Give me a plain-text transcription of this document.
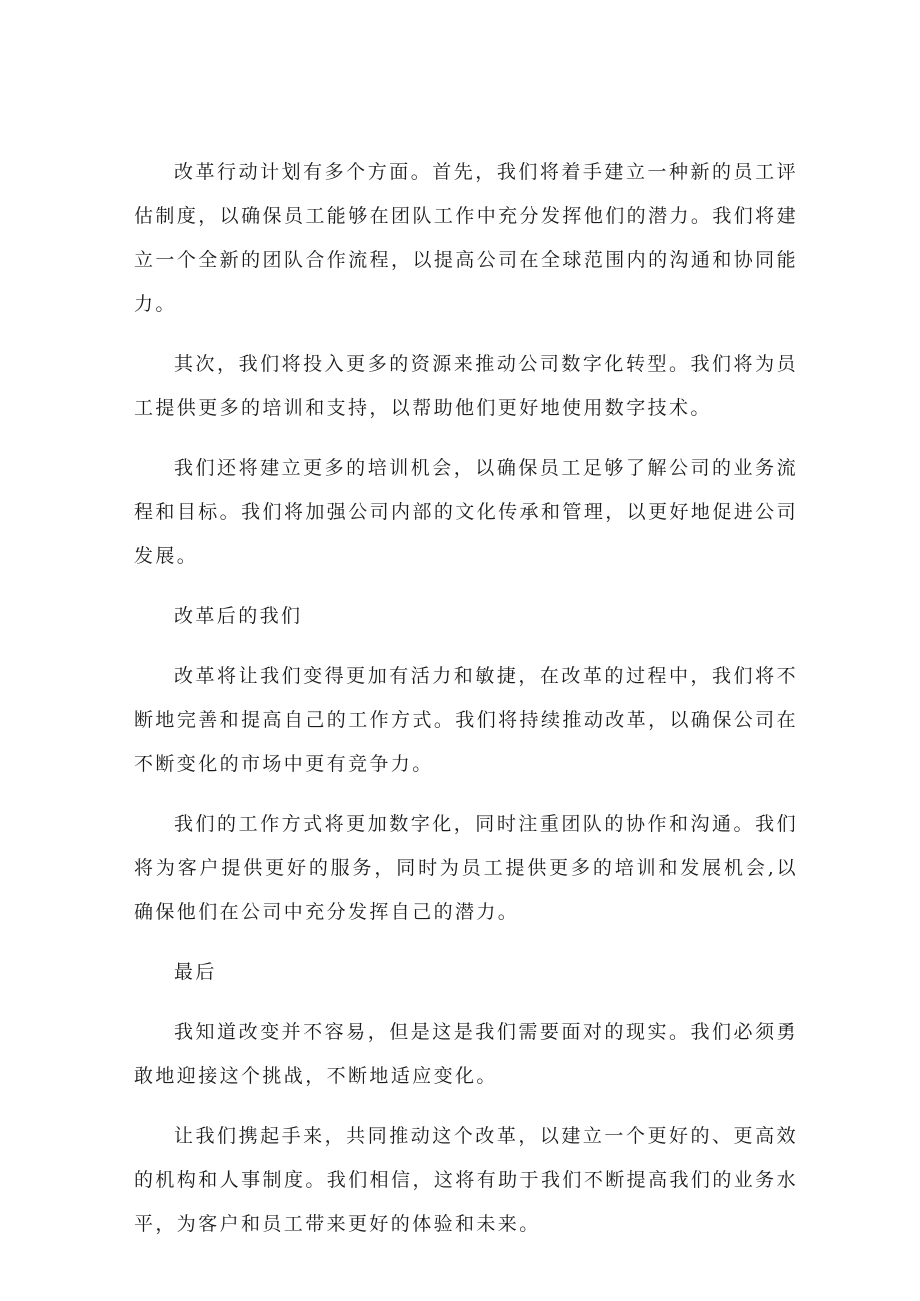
改革行动计划有多个方面。首先，我们将着手建立一种新的员工评估制度，以确保员工能够在团队工作中充分发挥他们的潜力。我们将建立一个全新的团队合作流程，以提高公司在全球范围内的沟通和协同能力。

其次，我们将投入更多的资源来推动公司数字化转型。我们将为员工提供更多的培训和支持，以帮助他们更好地使用数字技术。

我们还将建立更多的培训机会，以确保员工足够了解公司的业务流程和目标。我们将加强公司内部的文化传承和管理，以更好地促进公司发展。

改革后的我们

改革将让我们变得更加有活力和敏捷，在改革的过程中，我们将不断地完善和提高自己的工作方式。我们将持续推动改革，以确保公司在不断变化的市场中更有竞争力。

我们的工作方式将更加数字化，同时注重团队的协作和沟通。我们将为客户提供更好的服务，同时为员工提供更多的培训和发展机会,以确保他们在公司中充分发挥自己的潜力。

最后

我知道改变并不容易，但是这是我们需要面对的现实。我们必须勇敢地迎接这个挑战，不断地适应变化。

让我们携起手来，共同推动这个改革，以建立一个更好的、更高效的机构和人事制度。我们相信，这将有助于我们不断提高我们的业务水平，为客户和员工带来更好的体验和未来。
